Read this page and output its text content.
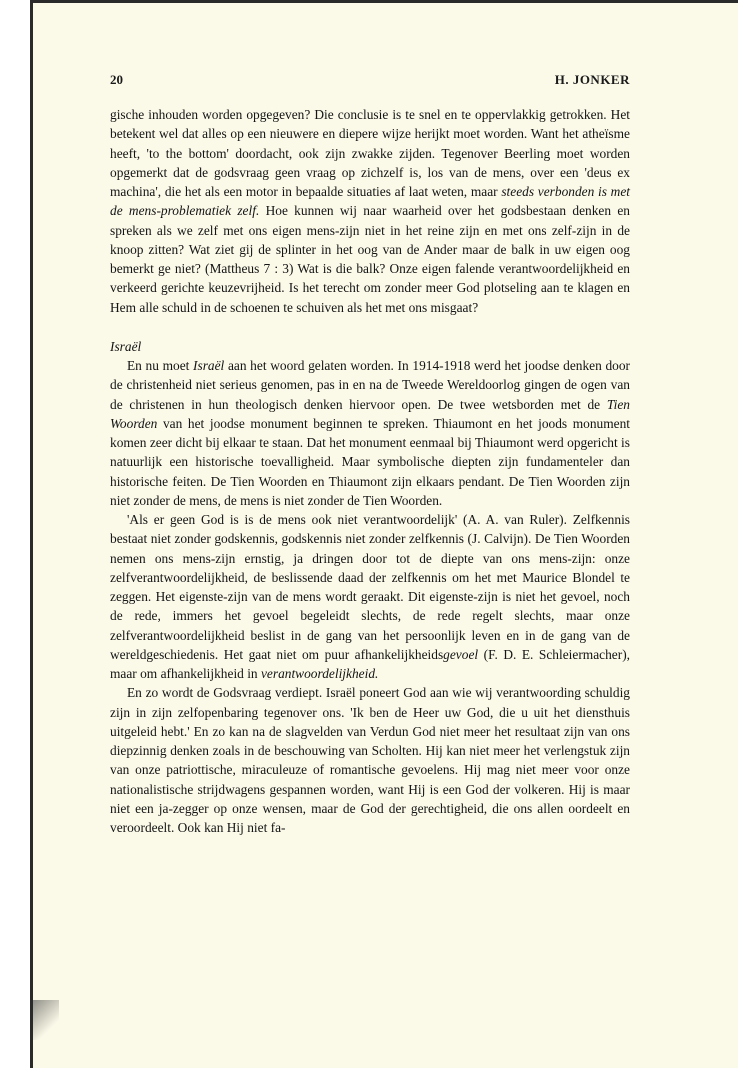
20	H. JONKER

gische inhouden worden opgegeven? Die conclusie is te snel en te oppervlakkig getrokken. Het betekent wel dat alles op een nieuwere en diepere wijze herijkt moet worden. Want het atheïsme heeft, 'to the bottom' doordacht, ook zijn zwakke zijden. Tegenover Beerling moet worden opgemerkt dat de godsvraag geen vraag op zichzelf is, los van de mens, over een 'deus ex machina', die het als een motor in bepaalde situaties af laat weten, maar steeds verbonden is met de mens-problematiek zelf. Hoe kunnen wij naar waarheid over het godsbestaan denken en spreken als we zelf met ons eigen mens-zijn niet in het reine zijn en met ons zelf-zijn in de knoop zitten? Wat ziet gij de splinter in het oog van de Ander maar de balk in uw eigen oog bemerkt ge niet? (Mattheus 7 : 3) Wat is die balk? Onze eigen falende verantwoordelijkheid en verkeerd gerichte keuzevrijheid. Is het terecht om zonder meer God plotseling aan te klagen en Hem alle schuld in de schoenen te schuiven als het met ons misgaat?

Israël

En nu moet Israël aan het woord gelaten worden. In 1914-1918 werd het joodse denken door de christenheid niet serieus genomen, pas in en na de Tweede Wereldoorlog gingen de ogen van de christenen in hun theologisch denken hiervoor open. De twee wetsborden met de Tien Woorden van het joodse monument beginnen te spreken. Thiaumont en het joods monument komen zeer dicht bij elkaar te staan. Dat het monument eenmaal bij Thiaumont werd opgericht is natuurlijk een historische toevalligheid. Maar symbolische diepten zijn fundamenteler dan historische feiten. De Tien Woorden en Thiaumont zijn elkaars pendant. De Tien Woorden zijn niet zonder de mens, de mens is niet zonder de Tien Woorden.

'Als er geen God is is de mens ook niet verantwoordelijk' (A. A. van Ruler). Zelfkennis bestaat niet zonder godskennis, godskennis niet zonder zelfkennis (J. Calvijn). De Tien Woorden nemen ons mens-zijn ernstig, ja dringen door tot de diepte van ons mens-zijn: onze zelfverantwoordelijkheid, de beslissende daad der zelfkennis om het met Maurice Blondel te zeggen. Het eigenste-zijn van de mens wordt geraakt. Dit eigenste-zijn is niet het gevoel, noch de rede, immers het gevoel begeleidt slechts, de rede regelt slechts, maar onze zelfverantwoordelijkheid beslist in de gang van het persoonlijk leven en in de gang van de wereldgeschiedenis. Het gaat niet om puur afhankelijkheidsgevoel (F. D. E. Schleiermacher), maar om afhankelijkheid in verantwoordelijkheid.

En zo wordt de Godsvraag verdiept. Israël poneert God aan wie wij verantwoording schuldig zijn in zijn zelfopenbaring tegenover ons. 'Ik ben de Heer uw God, die u uit het diensthuis uitgeleid hebt.' En zo kan na de slagvelden van Verdun God niet meer het resultaat zijn van ons diepzinnig denken zoals in de beschouwing van Scholten. Hij kan niet meer het verlengstuk zijn van onze patriottische, miraculeuze of romantische gevoelens. Hij mag niet meer voor onze nationalistische strijdwagens gespannen worden, want Hij is een God der volkeren. Hij is maar niet een ja-zegger op onze wensen, maar de God der gerechtigheid, die ons allen oordeelt en veroordeelt. Ook kan Hij niet fa-
